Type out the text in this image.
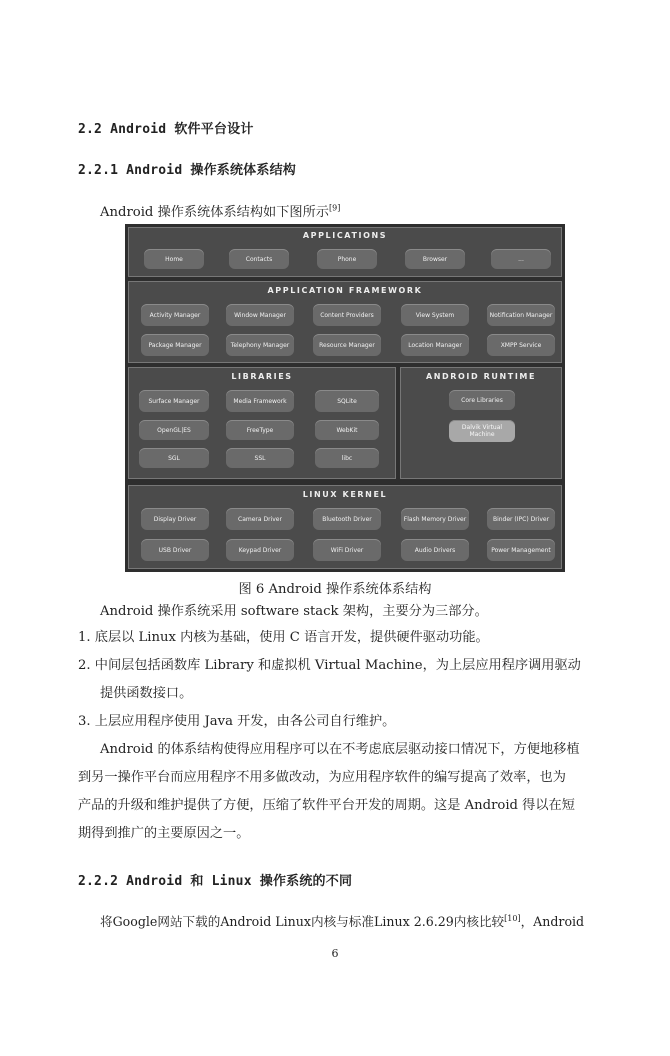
2.2 Android 软件平台设计
2.2.1 Android 操作系统体系结构
Android 操作系统体系结构如下图所示[9]
APPLICATIONS
Home	Contacts	Phone	Browser	...
APPLICATION FRAMEWORK
Activity Manager	Window Manager	Content Providers	View System	Notification Manager
Package Manager	Telephony Manager	Resource Manager	Location Manager	XMPP Service
LIBRARIES
Surface Manager	Media Framework	SQLite
OpenGL|ES	FreeType	WebKit
SGL	SSL	libc
ANDROID RUNTIME
Core Libraries
Dalvik Virtual Machine
LINUX KERNEL
Display Driver	Camera Driver	Bluetooth Driver	Flash Memory Driver	Binder (IPC) Driver
USB Driver	Keypad Driver	WiFi Driver	Audio Drivers	Power Management
图 6 Android 操作系统体系结构
Android 操作系统采用 software stack 架构，主要分为三部分。
1. 底层以 Linux 内核为基础，使用 C 语言开发，提供硬件驱动功能。
2. 中间层包括函数库 Library 和虚拟机 Virtual Machine，为上层应用程序调用驱动
提供函数接口。
3. 上层应用程序使用 Java 开发，由各公司自行维护。
Android 的体系结构使得应用程序可以在不考虑底层驱动接口情况下，方便地移植
到另一操作平台而应用程序不用多做改动，为应用程序软件的编写提高了效率，也为
产品的升级和维护提供了方便，压缩了软件平台开发的周期。这是 Android 得以在短
期得到推广的主要原因之一。
2.2.2 Android 和 Linux 操作系统的不同
将Google网站下载的Android Linux内核与标准Linux 2.6.29内核比较[10]，Android
6
